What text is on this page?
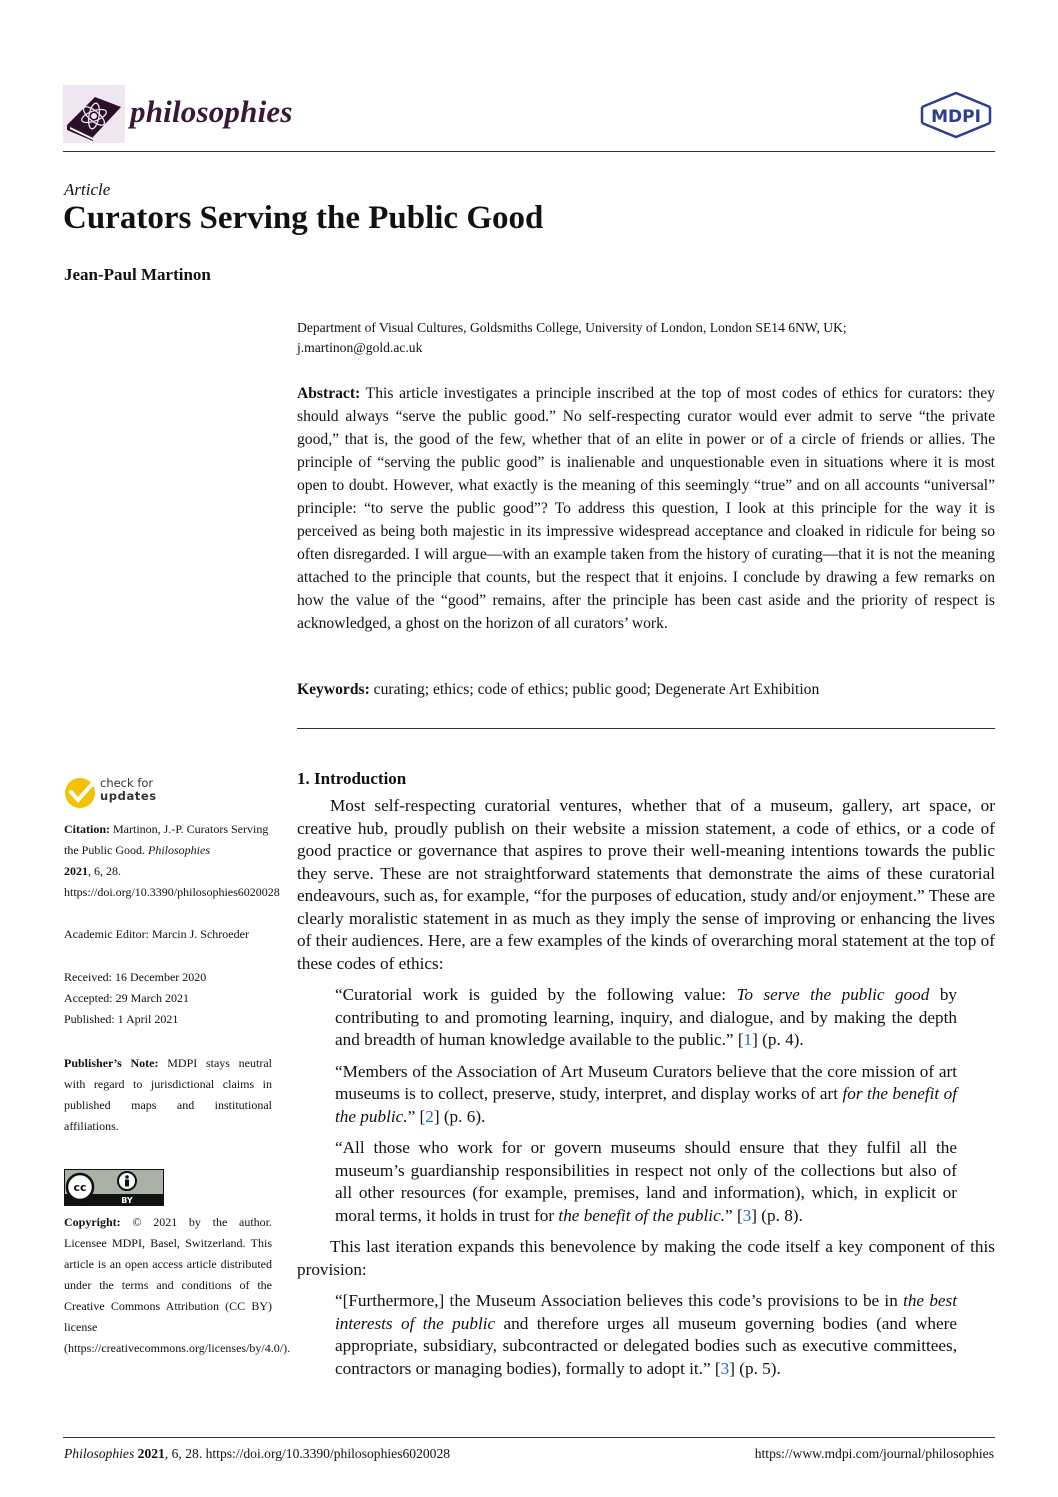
philosophies	MDPI
Article
Curators Serving the Public Good
Jean-Paul Martinon
Department of Visual Cultures, Goldsmiths College, University of London, London SE14 6NW, UK;
j.martinon@gold.ac.uk
Abstract: This article investigates a principle inscribed at the top of most codes of ethics for curators: they should always “serve the public good.” No self-respecting curator would ever admit to serve “the private good,” that is, the good of the few, whether that of an elite in power or of a circle of friends or allies. The principle of “serving the public good” is inalienable and unquestionable even in situations where it is most open to doubt. However, what exactly is the meaning of this seemingly “true” and on all accounts “universal” principle: “to serve the public good”? To address this question, I look at this principle for the way it is perceived as being both majestic in its impressive widespread acceptance and cloaked in ridicule for being so often disregarded. I will argue—with an example taken from the history of curating—that it is not the meaning attached to the principle that counts, but the respect that it enjoins. I conclude by drawing a few remarks on how the value of the “good” remains, after the principle has been cast aside and the priority of respect is acknowledged, a ghost on the horizon of all curators’ work.
Keywords: curating; ethics; code of ethics; public good; Degenerate Art Exhibition
1. Introduction

Most self-respecting curatorial ventures, whether that of a museum, gallery, art space, or creative hub, proudly publish on their website a mission statement, a code of ethics, or a code of good practice or governance that aspires to prove their well-meaning intentions towards the public they serve. These are not straightforward statements that demonstrate the aims of these curatorial endeavours, such as, for example, “for the purposes of education, study and/or enjoyment.” These are clearly moralistic statement in as much as they imply the sense of improving or enhancing the lives of their audiences. Here, are a few examples of the kinds of overarching moral statement at the top of these codes of ethics:

“Curatorial work is guided by the following value: To serve the public good by contributing to and promoting learning, inquiry, and dialogue, and by making the depth and breadth of human knowledge available to the public.” [1] (p. 4).

“Members of the Association of Art Museum Curators believe that the core mission of art museums is to collect, preserve, study, interpret, and display works of art for the benefit of the public.” [2] (p. 6).

“All those who work for or govern museums should ensure that they fulfil all the museum’s guardianship responsibilities in respect not only of the collections but also of all other resources (for example, premises, land and information), which, in explicit or moral terms, it holds in trust for the benefit of the public.” [3] (p. 8).

This last iteration expands this benevolence by making the code itself a key component of this provision:

“[Furthermore,] the Museum Association believes this code’s provisions to be in the best interests of the public and therefore urges all museum governing bodies (and where appropriate, subsidiary, subcontracted or delegated bodies such as executive committees, contractors or managing bodies), formally to adopt it.” [3] (p. 5).

check for
updates
Citation: Martinon, J.-P. Curators Serving the Public Good. Philosophies
2021, 6, 28. https://doi.org/10.3390/philosophies6020028
Academic Editor: Marcin J. Schroeder
Received: 16 December 2020
Accepted: 29 March 2021
Published: 1 April 2021
Publisher’s Note: MDPI stays neutral with regard to jurisdictional claims in published maps and institutional affiliations.
cc
BY
Copyright: © 2021 by the author. Licensee MDPI, Basel, Switzerland. This article is an open access article distributed under the terms and conditions of the Creative Commons Attribution (CC BY) license (https://creativecommons.org/licenses/by/4.0/).
Philosophies 2021, 6, 28. https://doi.org/10.3390/philosophies6020028	https://www.mdpi.com/journal/philosophies
